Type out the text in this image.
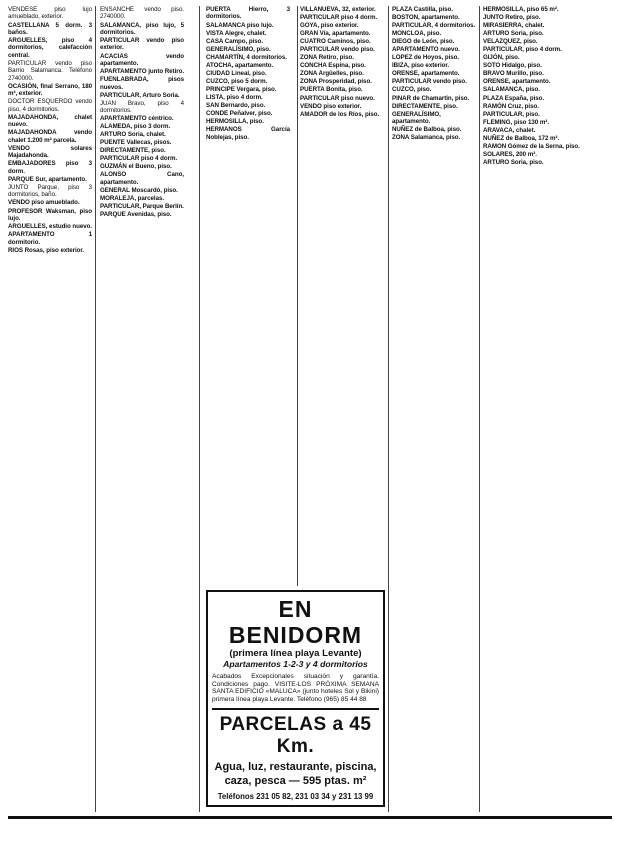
VENDESE piso lujo amueblado, exterior.

CASTELLANA 5 dorm. 3 baños.

ARGUELLES, piso 4 dormitorios, calefacción central.

PARTICULAR vendo piso Barrio Salamanca. Teléfono 2740000.

OCASIÓN, final Serrano, 180 m², exterior.

DOCTOR ESQUERDO vendo piso, 4 dormitorios.

MAJADAHONDA, chalet nuevo.

MAJADAHONDA vendo chalet 1.200 m² parcela.

VENDO solares Majadahonda.

EMBAJADORES piso 3 dorm.

PARQUE Sur, apartamento.

JUNTO Parque, piso 3 dormitorios, baño.

VENDO piso amueblado.

PROFESOR Waksman, piso lujo.

ARGUELLES, estudio nuevo.

APARTAMENTO 1 dormitorio.

RIOS Rosas, piso exterior.

ENSANCHE vendo piso. 2740000.

SALAMANCA, piso lujo, 5 dormitorios.

PARTICULAR vendo piso exterior.

ACACIAS vendo apartamento.

APARTAMENTO junto Retiro.

FUENLABRADA, pisos nuevos.

PARTICULAR, Arturo Soria.

JUAN Bravo, piso 4 dormitorios.

APARTAMENTO céntrico.

ALAMEDA, piso 3 dorm.

ARTURO Soria, chalet.

PUENTE Vallecas, pisos.

DIRECTAMENTE, piso.

PARTICULAR piso 4 dorm.

GUZMÁN el Bueno, piso.

ALONSO Cano, apartamento.

GENERAL Moscardó, piso.

MORALEJA, parcelas.

PARTICULAR, Parque Berlín.

PARQUE Avenidas, piso.

PUERTA Hierro, 3 dormitorios.

SALAMANCA piso lujo.

VISTA Alegre, chalet.

CASA Campo, piso.

GENERALÍSIMO, piso.

CHAMARTÍN, 4 dormitorios.

ATOCHA, apartamento.

CIUDAD Lineal, piso.

CUZCO, piso 5 dorm.

PRINCIPE Vergara, piso.

LISTA, piso 4 dorm.

SAN Bernardo, piso.

CONDE Peñalver, piso.

HERMOSILLA, piso.

HERMANOS García Noblejas, piso.

VILLANUEVA, 32, exterior.

PARTICULAR piso 4 dorm.

GOYA, piso exterior.

GRAN Vía, apartamento.

CUATRO Caminos, piso.

PARTICULAR vendo piso.

ZONA Retiro, piso.

CONCHA Espina, piso.

ZONA Argüelles, piso.

ZONA Prosperidad, piso.

PUERTA Bonita, piso.

PARTICULAR piso nuevo.

VENDO piso exterior.

AMADOR de los Ríos, piso.

PLAZA Castilla, piso.

BOSTON, apartamento.

PARTICULAR, 4 dormitorios.

MONCLOA, piso.

DIEGO de León, piso.

APARTAMENTO nuevo.

LOPEZ de Hoyos, piso.

IBIZA, piso exterior.

ORENSE, apartamento.

PARTICULAR vendo piso.

CUZCO, piso.

PINAR de Chamartín, piso.

DIRECTAMENTE, piso.

GENERALÍSIMO, apartamento.

NUÑEZ de Balboa, piso.

ZONA Salamanca, piso.

HERMOSILLA, piso 65 m².

JUNTO Retiro, piso.

MIRASIERRA, chalet.

ARTURO Soria, piso.

VELAZQUEZ, piso.

PARTICULAR, piso 4 dorm.

GIJÓN, piso.

SOTO Hidalgo, piso.

BRAVO Murillo, piso.

ORENSE, apartamento.

SALAMANCA, piso.

PLAZA España, piso.

RAMÓN Cruz, piso.

PARTICULAR, piso.

FLEMING, piso 130 m².

ARAVACA, chalet.

NUÑEZ de Balboa, 172 m².

RAMON Gómez de la Serna, piso.

SOLARES, 200 m².

ARTURO Soria, piso.

EN BENIDORM
(primera línea playa Levante)
Apartamentos 1-2-3 y 4 dormitorios
Acabados Excepcionales situación y garantía. Condiciones pago. VISITE-LOS PRÓXIMA SEMANA SANTA EDIFICIO «MALUCA» (junto hoteles Sol y Bikini) primera línea playa Levante. Teléfono (965) 85 44 88
PARCELAS a 45 Km.
Agua, luz, restaurante, piscina, caza, pesca — 595 ptas. m²
Teléfonos 231 05 82, 231 03 34 y 231 13 99
